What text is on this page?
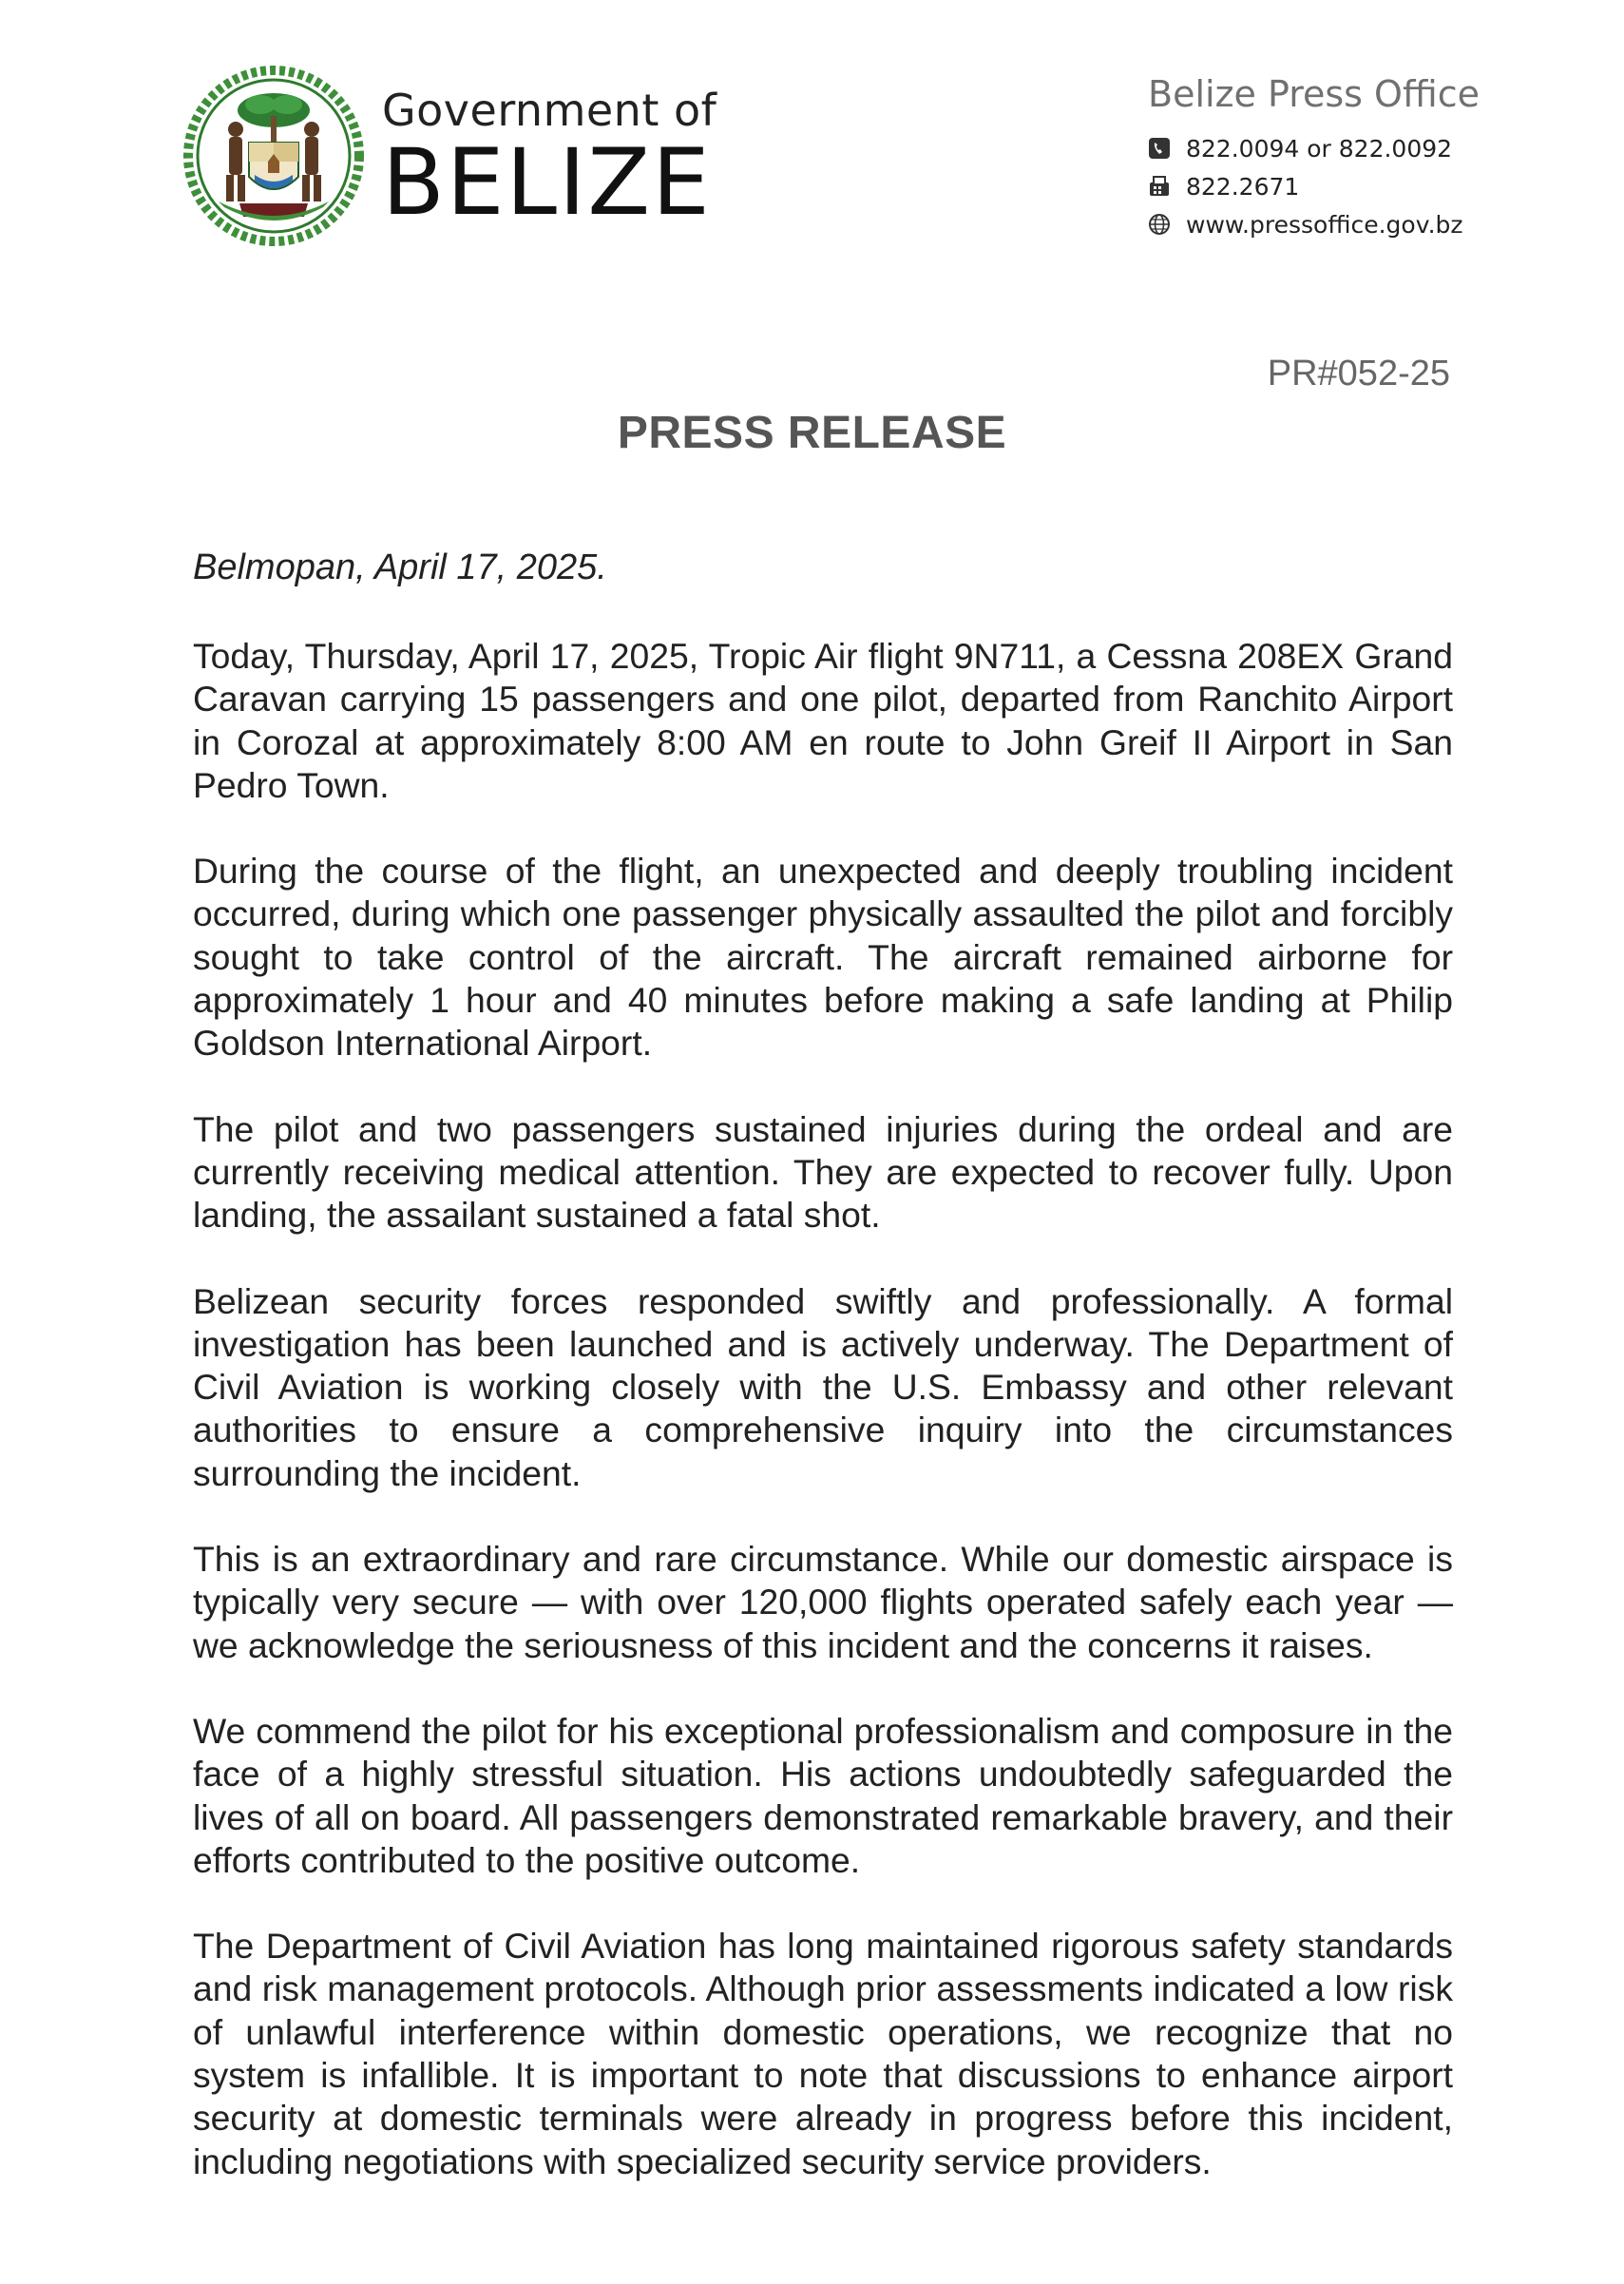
Government of
BELIZE
Belize Press Office
822.0094 or 822.0092
822.2671
www.pressoffice.gov.bz
PR#052-25
PRESS RELEASE
Belmopan, April 17, 2025.

Today, Thursday, April 17, 2025, Tropic Air flight 9N711, a Cessna 208EX Grand Caravan carrying 15 passengers and one pilot, departed from Ranchito Airport in Corozal at approximately 8:00 AM en route to John Greif II Airport in San Pedro Town.

During the course of the flight, an unexpected and deeply troubling incident occurred, during which one passenger physically assaulted the pilot and forcibly sought to take control of the aircraft. The aircraft remained airborne for approximately 1 hour and 40 minutes before making a safe landing at Philip Goldson International Airport.

The pilot and two passengers sustained injuries during the ordeal and are currently receiving medical attention. They are expected to recover fully. Upon landing, the assailant sustained a fatal shot.

Belizean security forces responded swiftly and professionally. A formal investigation has been launched and is actively underway. The Department of Civil Aviation is working closely with the U.S. Embassy and other relevant authorities to ensure a comprehensive inquiry into the circumstances surrounding the incident.

This is an extraordinary and rare circumstance. While our domestic airspace is typically very secure — with over 120,000 flights operated safely each year — we acknowledge the seriousness of this incident and the concerns it raises.

We commend the pilot for his exceptional professionalism and composure in the face of a highly stressful situation. His actions undoubtedly safeguarded the lives of all on board. All passengers demonstrated remarkable bravery, and their efforts contributed to the positive outcome.

The Department of Civil Aviation has long maintained rigorous safety standards and risk management protocols. Although prior assessments indicated a low risk of unlawful interference within domestic operations, we recognize that no system is infallible. It is important to note that discussions to enhance airport security at domestic terminals were already in progress before this incident, including negotiations with specialized security service providers.
